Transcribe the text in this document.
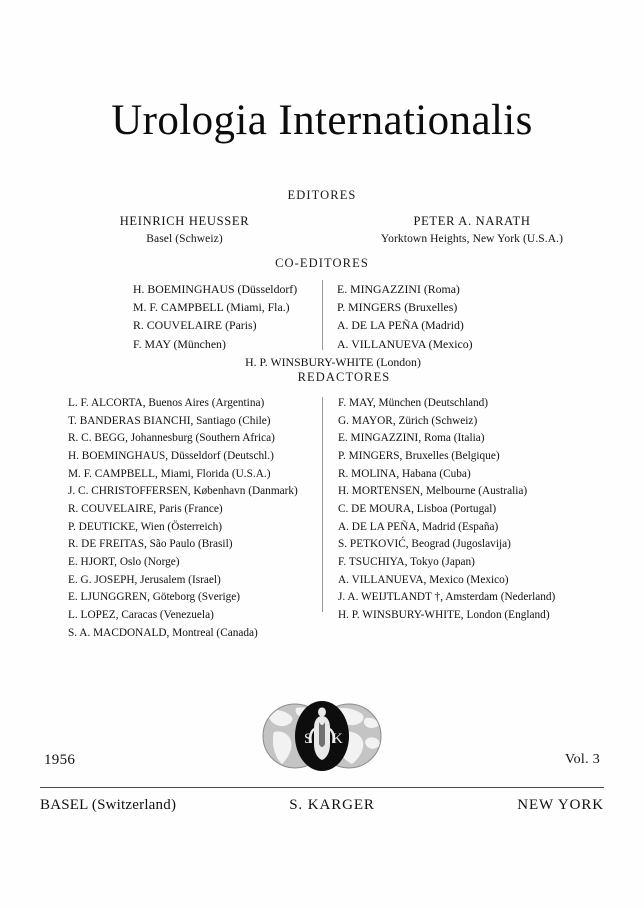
Urologia Internationalis
EDITORES
HEINRICH HEUSSER
Basel (Schweiz)
PETER A. NARATH
Yorktown Heights, New York (U.S.A.)
CO-EDITORES
H. BOEMINGHAUS (Düsseldorf)
M. F. CAMPBELL (Miami, Fla.)
R. COUVELAIRE (Paris)
F. MAY (München)
E. MINGAZZINI (Roma)
P. MINGERS (Bruxelles)
A. DE LA PEÑA (Madrid)
A. VILLANUEVA (Mexico)
H. P. WINSBURY-WHITE (London)
REDACTORES
L. F. ALCORTA, Buenos Aires (Argentina)
T. BANDERAS BIANCHI, Santiago (Chile)
R. C. BEGG, Johannesburg (Southern Africa)
H. BOEMINGHAUS, Düsseldorf (Deutschl.)
M. F. CAMPBELL, Miami, Florida (U.S.A.)
J. C. CHRISTOFFERSEN, København (Danmark)
R. COUVELAIRE, Paris (France)
P. DEUTICKE, Wien (Österreich)
R. DE FREITAS, São Paulo (Brasil)
E. HJORT, Oslo (Norge)
E. G. JOSEPH, Jerusalem (Israel)
E. LJUNGGREN, Göteborg (Sverige)
L. LOPEZ, Caracas (Venezuela)
S. A. MACDONALD, Montreal (Canada)
F. MAY, München (Deutschland)
G. MAYOR, Zürich (Schweiz)
E. MINGAZZINI, Roma (Italia)
P. MINGERS, Bruxelles (Belgique)
R. MOLINA, Habana (Cuba)
H. MORTENSEN, Melbourne (Australia)
C. DE MOURA, Lisboa (Portugal)
A. DE LA PEÑA, Madrid (España)
S. PETKOVIĆ, Beograd (Jugoslavija)
F. TSUCHIYA, Tokyo (Japan)
A. VILLANUEVA, Mexico (Mexico)
J. A. WEIJTLANDT †, Amsterdam (Nederland)
H. P. WINSBURY-WHITE, London (England)
S K
1956	Vol. 3
BASEL (Switzerland)	S. KARGER	NEW YORK
